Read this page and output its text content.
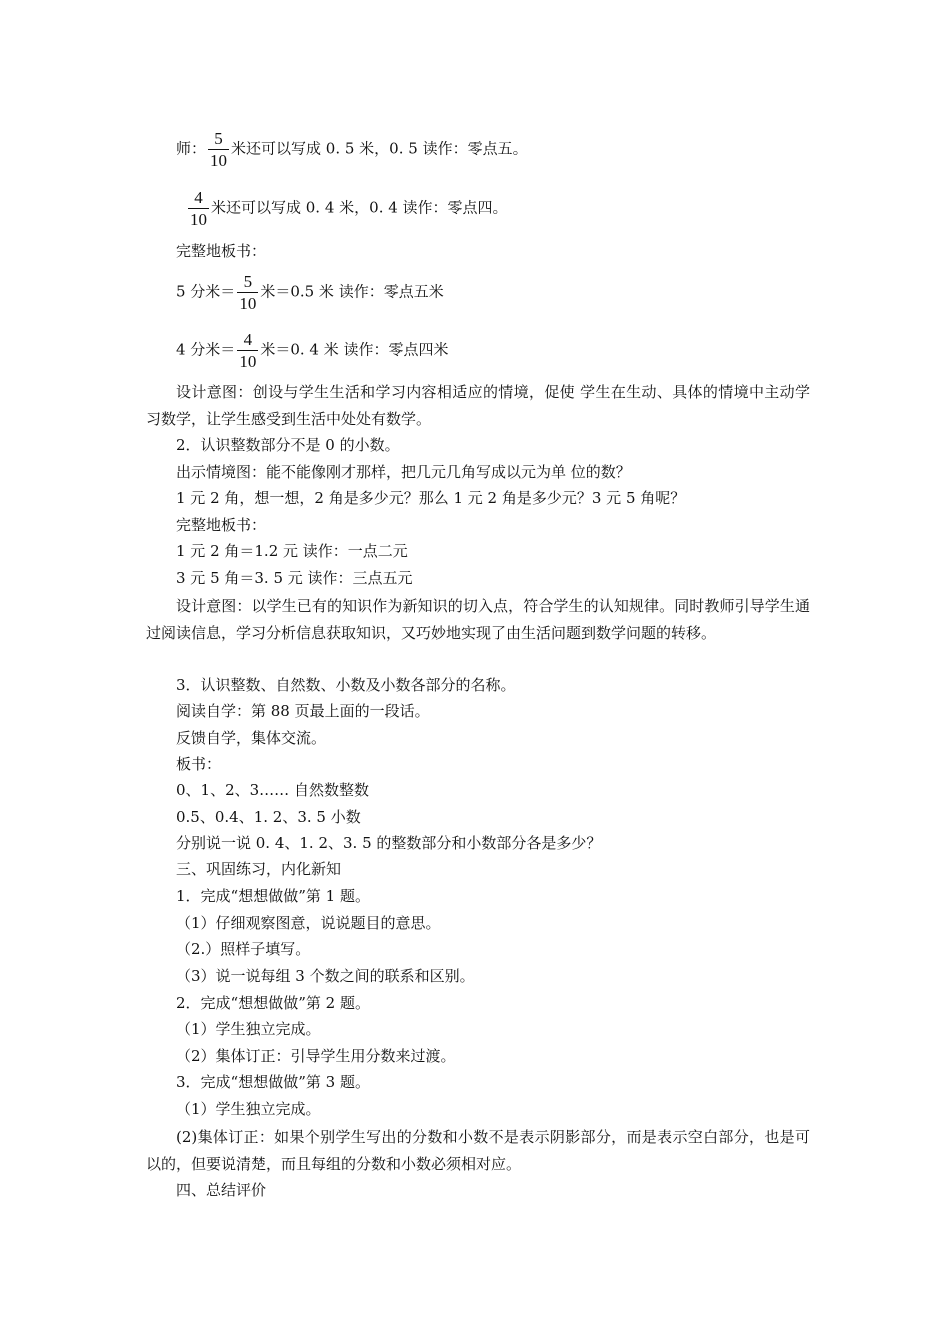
师： $\frac{5}{10}$ 米还可以写成 0. 5 米，0. 5 读作：零点五。
$\frac{4}{10}$ 米还可以写成 0. 4 米，0. 4 读作：零点四。
完整地板书：
5 分米＝ $\frac{5}{10}$ 米＝0.5 米 读作：零点五米
4 分米＝ $\frac{4}{10}$ 米＝0. 4 米 读作：零点四米
设计意图：创设与学生生活和学习内容相适应的情境，促使 学生在生动、具体的情境中主动学习数学，让学生感受到生活中处处有数学。
2．认识整数部分不是 0 的小数。
出示情境图：能不能像刚才那样，把几元几角写成以元为单 位的数？
1 元 2 角，想一想，2 角是多少元？那么 1 元 2 角是多少元？3 元 5 角呢？
完整地板书：
1 元 2 角＝1.2 元 读作：一点二元
3 元 5 角＝3. 5 元 读作：三点五元
设计意图：以学生已有的知识作为新知识的切入点，符合学生的认知规律。同时教师引导学生通过阅读信息，学习分析信息获取知识，又巧妙地实现了由生活问题到数学问题的转移。
3．认识整数、自然数、小数及小数各部分的名称。
阅读自学：第 88 页最上面的一段话。
反馈自学，集体交流。
板书：
0、1、2、3…… 自然数整数
0.5、0.4、1. 2、3. 5 小数
分别说一说 0. 4、1. 2、3. 5 的整数部分和小数部分各是多少？
三、巩固练习，内化新知
1．完成“想想做做”第 1 题。
（1）仔细观察图意，说说题目的意思。
（2.）照样子填写。
（3）说一说每组 3 个数之间的联系和区别。
2．完成“想想做做”第 2 题。
（1）学生独立完成。
（2）集体订正：引导学生用分数来过渡。
3．完成“想想做做”第 3 题。
（1）学生独立完成。
(2)集体订正：如果个别学生写出的分数和小数不是表示阴影部分，而是表示空白部分，也是可以的，但要说清楚，而且每组的分数和小数必须相对应。
四、总结评价
